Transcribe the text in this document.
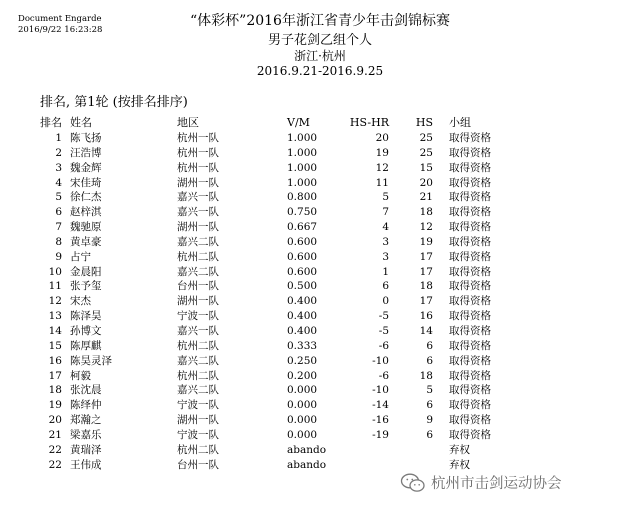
Document Engarde
2016/9/22 16:23:28
“体彩杯”2016年浙江省青少年击剑锦标赛
男子花剑乙组个人
浙江·杭州
2016.9.21-2016.9.25
排名, 第1轮 (按排名排序)
排名	姓名	地区	V/M	HS-HR	HS	小组
1	陈飞扬	杭州一队	1.000	20	25	取得资格
2	汪浩博	杭州一队	1.000	19	25	取得资格
3	魏金辉	杭州一队	1.000	12	15	取得资格
4	宋佳琦	湖州一队	1.000	11	20	取得资格
5	徐仁杰	嘉兴一队	0.800	5	21	取得资格
6	赵梓淇	嘉兴一队	0.750	7	18	取得资格
7	魏驰原	湖州一队	0.667	4	12	取得资格
8	黄卓豪	嘉兴二队	0.600	3	19	取得资格
9	占宁	杭州二队	0.600	3	17	取得资格
10	金晨阳	嘉兴二队	0.600	1	17	取得资格
11	张予玺	台州一队	0.500	6	18	取得资格
12	宋杰	湖州一队	0.400	0	17	取得资格
13	陈泽昊	宁波一队	0.400	-5	16	取得资格
14	孙博文	嘉兴一队	0.400	-5	14	取得资格
15	陈厚麒	杭州二队	0.333	-6	6	取得资格
16	陈昊灵泽	嘉兴二队	0.250	-10	6	取得资格
17	柯毅	杭州二队	0.200	-6	18	取得资格
18	张沈晨	嘉兴二队	0.000	-10	5	取得资格
19	陈绎仲	宁波一队	0.000	-14	6	取得资格
20	郑瀚之	湖州一队	0.000	-16	9	取得资格
21	梁嘉乐	宁波一队	0.000	-19	6	取得资格
22	黄瑞泽	杭州二队	abando			弃权
22	王伟成	台州一队	abando			弃权
杭州市击剑运动协会
